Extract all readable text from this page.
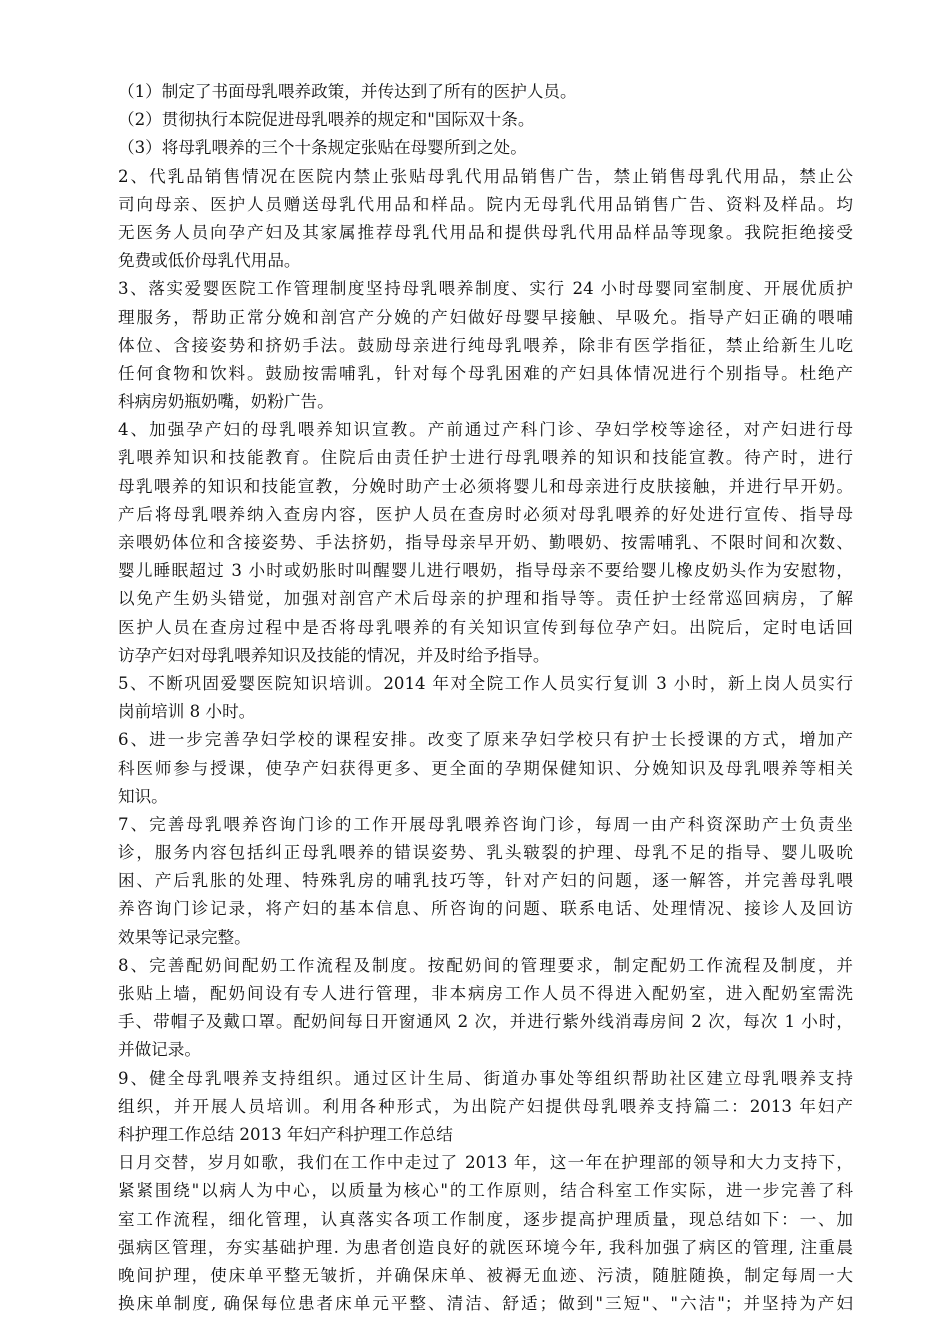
（1）制定了书面母乳喂养政策，并传达到了所有的医护人员。
（2）贯彻执行本院促进母乳喂养的规定和"国际双十条。
（3）将母乳喂养的三个十条规定张贴在母婴所到之处。
2、代乳品销售情况在医院内禁止张贴母乳代用品销售广告，禁止销售母乳代用品，禁止公
司向母亲、医护人员赠送母乳代用品和样品。院内无母乳代用品销售广告、资料及样品。均
无医务人员向孕产妇及其家属推荐母乳代用品和提供母乳代用品样品等现象。我院拒绝接受
免费或低价母乳代用品。
3、落实爱婴医院工作管理制度坚持母乳喂养制度、实行 24 小时母婴同室制度、开展优质护
理服务，帮助正常分娩和剖宫产分娩的产妇做好母婴早接触、早吸允。指导产妇正确的喂哺
体位、含接姿势和挤奶手法。鼓励母亲进行纯母乳喂养，除非有医学指征，禁止给新生儿吃
任何食物和饮料。鼓励按需哺乳，针对每个母乳困难的产妇具体情况进行个别指导。杜绝产
科病房奶瓶奶嘴，奶粉广告。
4、加强孕产妇的母乳喂养知识宣教。产前通过产科门诊、孕妇学校等途径，对产妇进行母
乳喂养知识和技能教育。住院后由责任护士进行母乳喂养的知识和技能宣教。待产时，进行
母乳喂养的知识和技能宣教，分娩时助产士必须将婴儿和母亲进行皮肤接触，并进行早开奶。
产后将母乳喂养纳入查房内容，医护人员在查房时必须对母乳喂养的好处进行宣传、指导母
亲喂奶体位和含接姿势、手法挤奶，指导母亲早开奶、勤喂奶、按需哺乳、不限时间和次数、
婴儿睡眠超过 3 小时或奶胀时叫醒婴儿进行喂奶，指导母亲不要给婴儿橡皮奶头作为安慰物，
以免产生奶头错觉，加强对剖宫产术后母亲的护理和指导等。责任护士经常巡回病房，了解
医护人员在查房过程中是否将母乳喂养的有关知识宣传到每位孕产妇。出院后，定时电话回
访孕产妇对母乳喂养知识及技能的情况，并及时给予指导。
5、不断巩固爱婴医院知识培训。2014 年对全院工作人员实行复训 3 小时，新上岗人员实行
岗前培训 8 小时。
6、进一步完善孕妇学校的课程安排。改变了原来孕妇学校只有护士长授课的方式，增加产
科医师参与授课，使孕产妇获得更多、更全面的孕期保健知识、分娩知识及母乳喂养等相关
知识。
7、完善母乳喂养咨询门诊的工作开展母乳喂养咨询门诊，每周一由产科资深助产士负责坐
诊，服务内容包括纠正母乳喂养的错误姿势、乳头皲裂的护理、母乳不足的指导、婴儿吸吮
困、产后乳胀的处理、特殊乳房的哺乳技巧等，针对产妇的问题，逐一解答，并完善母乳喂
养咨询门诊记录，将产妇的基本信息、所咨询的问题、联系电话、处理情况、接诊人及回访
效果等记录完整。
8、完善配奶间配奶工作流程及制度。按配奶间的管理要求，制定配奶工作流程及制度，并
张贴上墙，配奶间设有专人进行管理，非本病房工作人员不得进入配奶室，进入配奶室需洗
手、带帽子及戴口罩。配奶间每日开窗通风 2 次，并进行紫外线消毒房间 2 次，每次 1 小时，
并做记录。
9、健全母乳喂养支持组织。通过区计生局、街道办事处等组织帮助社区建立母乳喂养支持
组织，并开展人员培训。利用各种形式，为出院产妇提供母乳喂养支持篇二：2013 年妇产
科护理工作总结 2013 年妇产科护理工作总结
日月交替，岁月如歌，我们在工作中走过了 2013 年，这一年在护理部的领导和大力支持下，
紧紧围绕"以病人为中心，以质量为核心"的工作原则，结合科室工作实际，进一步完善了科
室工作流程，细化管理，认真落实各项工作制度，逐步提高护理质量，现总结如下：一、加
强病区管理，夯实基础护理. 为患者创造良好的就医环境今年, 我科加强了病区的管理, 注重晨
晚间护理，使床单平整无皱折，并确保床单、被褥无血迹、污渍，随脏随换，制定每周一大
换床单制度, 确保每位患者床单元平整、清洁、舒适；做到"三短"、"六洁"；并坚持为产妇
